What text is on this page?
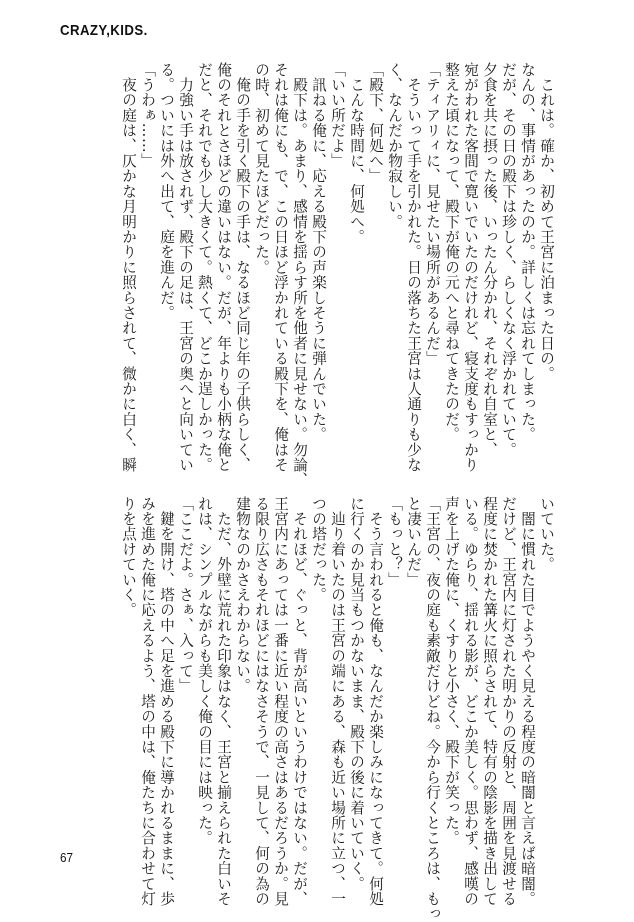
CRAZY,KIDS.

　これは。確か、初めて王宮に泊まった日の。

なんの、事情があったのか。詳しくは忘れてしまった。

だが、その日の殿下は珍しく、らしくなく浮かれていて。

夕食を共に摂った後、いったん分かれ、それぞれ自室と、

宛がわれた客間で寛いでいたのだけれど、寝支度もすっかり

整えた頃になって、殿下が俺の元へと尋ねてきたのだ。

「ティアリィに、見せたい場所があるんだ」

　そういって手を引かれた。日の落ちた王宮は人通りも少な

く、なんだか物寂しい。

「殿下、何処へ」

　こんな時間に、何処へ。

「いい所だよ」

　訊ねる俺に、応える殿下の声楽しそうに弾んでいた。

　殿下は。あまり、感情を揺らす所を他者に見せない。勿論、

それは俺にも、で、この日ほど浮かれている殿下を、俺はそ

の時、初めて見たほどだった。

　俺の手を引く殿下の手は、なるほど同じ年の子供らしく、

俺のそれとさほどの違いはない。だが、年よりも小柄な俺と

だと、それでも少し大きくて。熱くて、どこか逞しかった。

　力強い手は放されず、殿下の足は、王宮の奥へと向いてい

る。ついには外へ出て、庭を進んだ。

「うわぁ……」

　夜の庭は、仄かな月明かりに照らされて、微かに白く、瞬

いていた。

　闇に慣れた目でようやく見える程度の暗闇と言えば暗闇。

だけど、王宮内に灯された明かりの反射と、周囲を見渡せる

程度に焚かれた篝火に照らされて、特有の陰影を描き出して

いる。ゆらり、揺れる影が、どこか美しく。思わず、感嘆の

声を上げた俺に、くすりと小さく、殿下が笑った。

「王宮の、夜の庭も素敵だけどね。今から行くところは、もっ

と凄いんだ」

「もっと？」

　そう言われると俺も、なんだか楽しみになってきて。何処

に行くのか見当もつかないまま、殿下の後に着いていく。

　辿り着いたのは王宮の端にある、森も近い場所に立つ、一

つの塔だった。

　それほど、ぐっと、背が高いというわけではない。だが、

王宮内にあっては一番に近い程度の高さはあるだろうか。見

る限り広さもそれほどにはなさそうで、一見して、何の為の

建物なのかさえわからない。

　ただ、外壁に荒れた印象はなく、王宮と揃えられた白いそ

れは、シンプルながらも美しく俺の目には映った。

「ここだよ。さぁ、入って」

　鍵を開け、塔の中へ足を進める殿下に導かれるままに、歩

みを進めた俺に応えるよう、塔の中は、俺たちに合わせて灯

りを点けていく。

67
